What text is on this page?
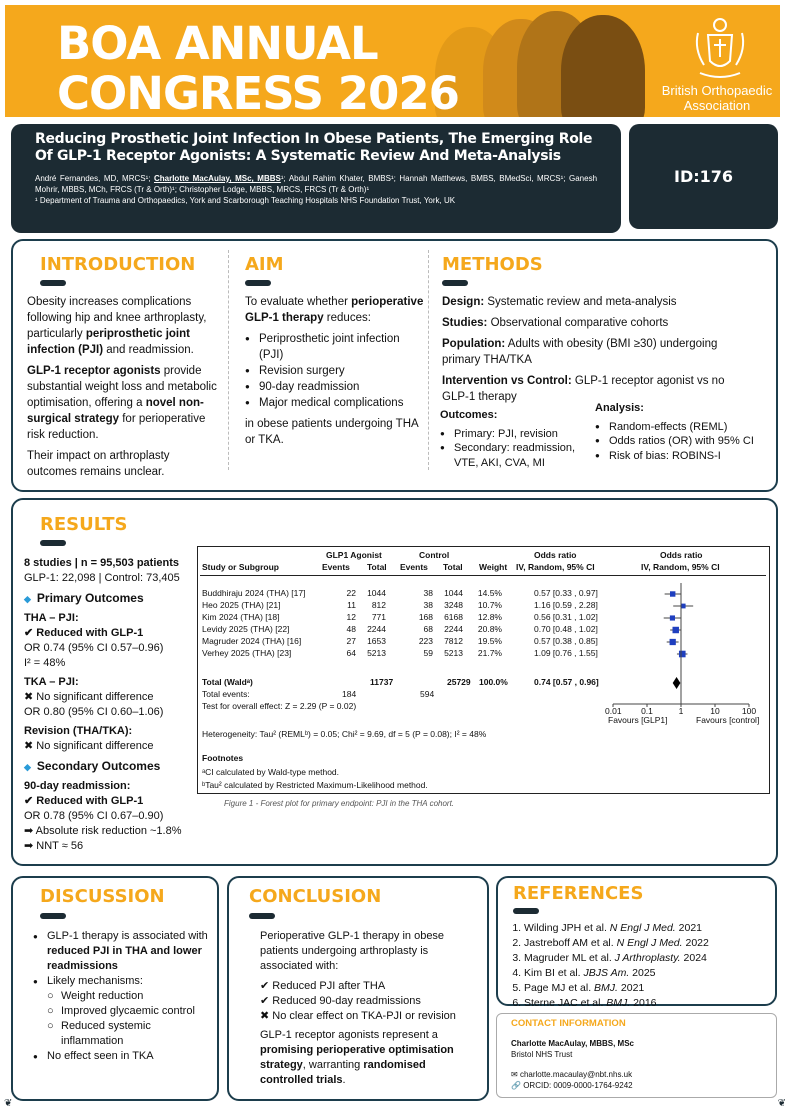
BOA ANNUAL
CONGRESS 2026	British Orthopaedic
Association
Reducing Prosthetic Joint Infection In Obese Patients, The Emerging Role Of GLP-1 Receptor Agonists: A Systematic Review And Meta-Analysis
André Fernandes, MD, MRCS¹; Charlotte MacAulay, MSc, MBBS¹; Abdul Rahim Khater, BMBS¹; Hannah Matthews, BMBS, BMedSci, MRCS¹; Ganesh Mohrir, MBBS, MCh, FRCS (Tr & Orth)¹; Christopher Lodge, MBBS, MRCS, FRCS (Tr & Orth)¹
¹ Department of Trauma and Orthopaedics, York and Scarborough Teaching Hospitals NHS Foundation Trust, York, UK
ID:176
INTRODUCTION

Obesity increases complications following hip and knee arthroplasty, particularly periprosthetic joint infection (PJI) and readmission.

GLP-1 receptor agonists provide substantial weight loss and metabolic optimisation, offering a novel non-surgical strategy for perioperative risk reduction.

Their impact on arthroplasty outcomes remains unclear.

AIM

To evaluate whether perioperative GLP-1 therapy reduces:

● Periprosthetic joint infection (PJI)
● Revision surgery
● 90-day readmission
● Major medical complications

in obese patients undergoing THA or TKA.

METHODS

Design: Systematic review and meta-analysis

Studies: Observational comparative cohorts

Population: Adults with obesity (BMI ≥30) undergoing primary THA/TKA

Intervention vs Control: GLP-1 receptor agonist vs no GLP-1 therapy

Outcomes:
● Primary: PJI, revision
● Secondary: readmission, VTE, AKI, CVA, MI
Analysis:
● Random-effects (REML)
● Odds ratios (OR) with 95% CI
● Risk of bias: ROBINS-I
RESULTS
8 studies | n = 95,503 patients
GLP-1: 22,098 | Control: 73,405
◆ Primary Outcomes
THA – PJI:
✔ Reduced with GLP-1
OR 0.74 (95% CI 0.57–0.96)
I² = 48%
TKA – PJI:
✖ No significant difference
OR 0.80 (95% CI 0.60–1.06)
Revision (THA/TKA):
✖ No significant difference
◆ Secondary Outcomes
90-day readmission:
✔ Reduced with GLP-1
OR 0.78 (95% CI 0.67–0.90)
➡ Absolute risk reduction ~1.8%
➡ NNT ≈ 56
GLP1 Agonist	Control	Odds ratio	Odds ratio
Study or Subgroup	Events Total Events Total Weight IV, Random, 95% CI	IV, Random, 95% CI
Buddhiraju 2024 (THA) [17]	22 1044	38 1044 14.5%	0.57 [0.33 , 0.97]
Heo 2025 (THA) [21]	11 812	38 3248 10.7%	1.16 [0.59 , 2.28]
Kim 2024 (THA) [18]	12 771	168 6168 12.8%	0.56 [0.31 , 1.02]
Levidy 2025 (THA) [22]	48 2244	68 2244 20.8%	0.70 [0.48 , 1.02]
Magruder 2024 (THA) [16]	27 1653	223 7812 19.5%	0.57 [0.38 , 0.85]
Verhey 2025 (THA) [23]	64 5213	59 5213 21.7%	1.09 [0.76 , 1.55]
Total (Waldᵃ)	11737	25729 100.0%	0.74 [0.57 , 0.96]
Total events:	184	594
Test for overall effect: Z = 2.29 (P = 0.02)
Heterogeneity: Tau² (REMLᵇ) = 0.05; Chi² = 9.69, df = 5 (P = 0.08); I² = 48%
Footnotes
ᵃCI calculated by Wald-type method.
ᵇTau² calculated by Restricted Maximum-Likelihood method.
0.01 0.1	1	10	100
Favours [GLP1]	Favours [control]
Figure 1 - Forest plot for primary endpoint: PJI in the THA cohort.
DISCUSSION
● GLP-1 therapy is associated with reduced PJI in THA and lower readmissions
● Likely mechanisms:
○ Weight reduction
○ Improved glycaemic control
○ Reduced systemic inflammation
● No effect seen in TKA
CONCLUSION

Perioperative GLP-1 therapy in obese patients undergoing arthroplasty is associated with:

✔ Reduced PJI after THA
✔ Reduced 90-day readmissions
✖ No clear effect on TKA-PJI or revision

GLP-1 receptor agonists represent a promising perioperative optimisation strategy, warranting randomised controlled trials.

REFERENCES
1. Wilding JPH et al. N Engl J Med. 2021
2. Jastreboff AM et al. N Engl J Med. 2022
3. Magruder ML et al. J Arthroplasty. 2024
4. Kim BI et al. JBJS Am. 2025
5. Page MJ et al. BMJ. 2021
6. Sterne JAC et al. BMJ. 2016
CONTACT INFORMATION
Charlotte MacAulay, MBBS, MSc
Bristol NHS Trust
✉ charlotte.macaulay@nbt.nhs.uk
🔗 ORCID: 0009-0000-1764-9242
❦	❦
